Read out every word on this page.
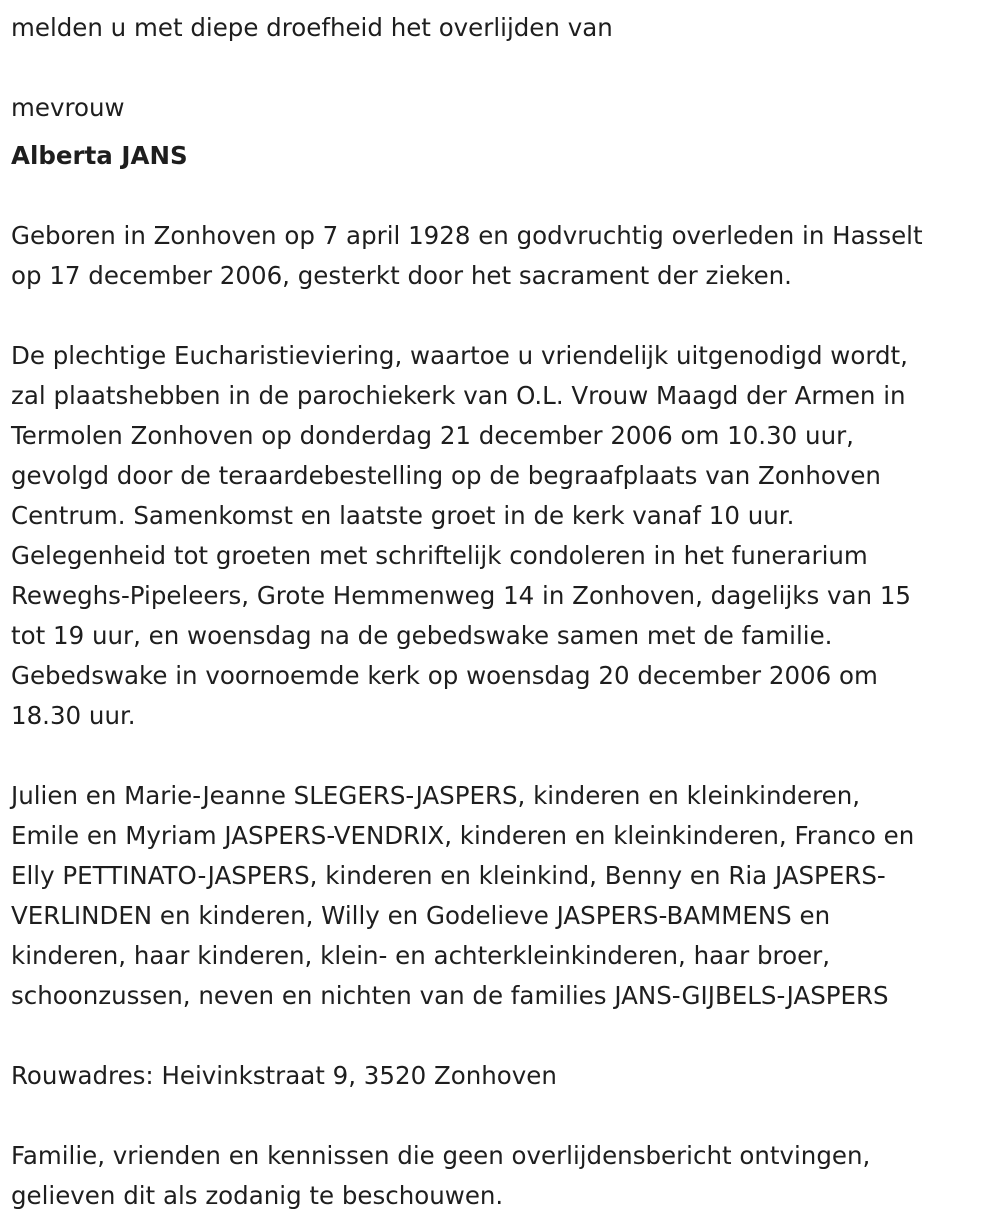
melden u met diepe droefheid het overlijden van

mevrouw

Alberta JANS

Geboren in Zonhoven op 7 april 1928 en godvruchtig overleden in Hasselt
op 17 december 2006, gesterkt door het sacrament der zieken.

De plechtige Eucharistieviering, waartoe u vriendelijk uitgenodigd wordt,
zal plaatshebben in de parochiekerk van O.L. Vrouw Maagd der Armen in
Termolen Zonhoven op donderdag 21 december 2006 om 10.30 uur,
gevolgd door de teraardebestelling op de begraafplaats van Zonhoven
Centrum. Samenkomst en laatste groet in de kerk vanaf 10 uur.
Gelegenheid tot groeten met schriftelijk condoleren in het funerarium
Reweghs-Pipeleers, Grote Hemmenweg 14 in Zonhoven, dagelijks van 15
tot 19 uur, en woensdag na de gebedswake samen met de familie.
Gebedswake in voornoemde kerk op woensdag 20 december 2006 om
18.30 uur.

Julien en Marie-Jeanne SLEGERS-JASPERS, kinderen en kleinkinderen,
Emile en Myriam JASPERS-VENDRIX, kinderen en kleinkinderen, Franco en
Elly PETTINATO-JASPERS, kinderen en kleinkind, Benny en Ria JASPERS-
VERLINDEN en kinderen, Willy en Godelieve JASPERS-BAMMENS en
kinderen, haar kinderen, klein- en achterkleinkinderen, haar broer,
schoonzussen, neven en nichten van de families JANS-GIJBELS-JASPERS

Rouwadres: Heivinkstraat 9, 3520 Zonhoven

Familie, vrienden en kennissen die geen overlijdensbericht ontvingen,
gelieven dit als zodanig te beschouwen.
